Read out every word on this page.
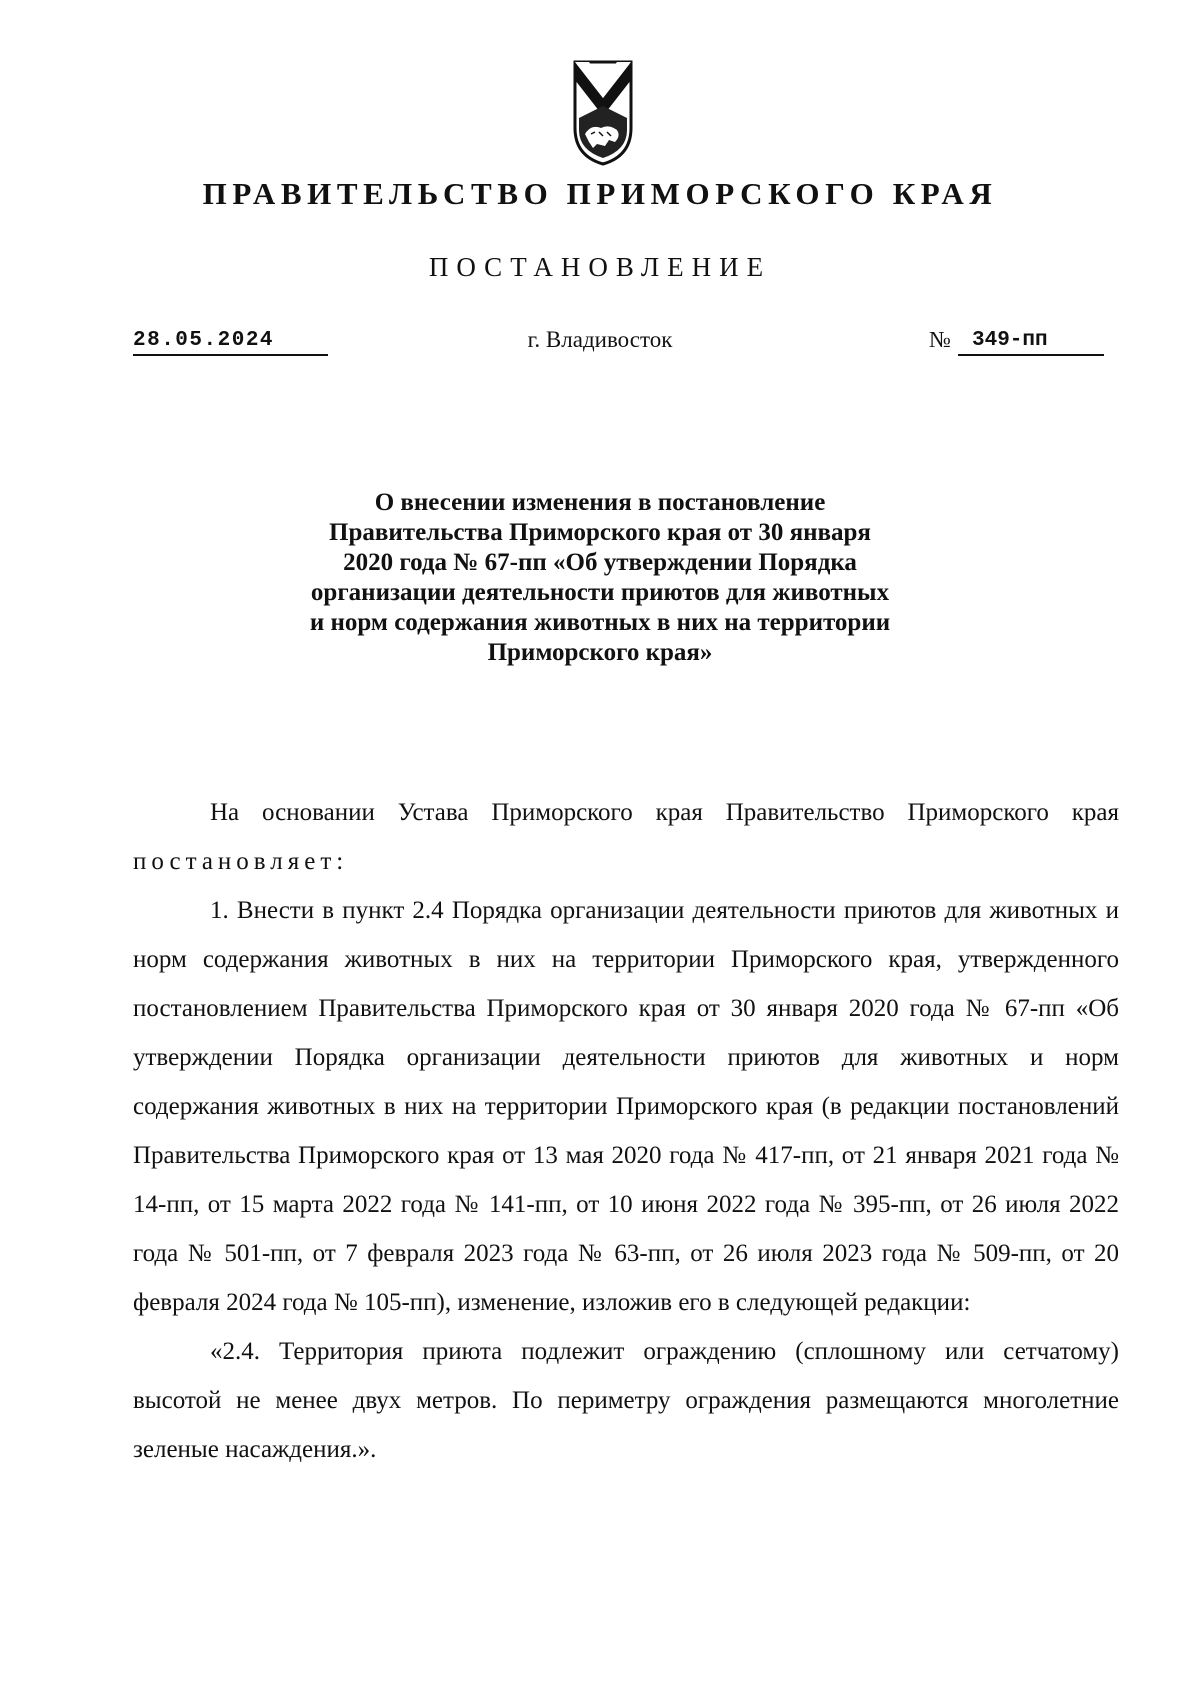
ПРАВИТЕЛЬСТВО ПРИМОРСКОГО КРАЯ
ПОСТАНОВЛЕНИЕ
28.05.2024	г. Владивосток	№	349-пп
О внесении изменения в постановление
Правительства Приморского края от 30 января
2020 года № 67-пп «Об утверждении Порядка
организации деятельности приютов для животных
и норм содержания животных в них на территории
Приморского края»

На основании Устава Приморского края Правительство Приморского края постановляет:

1. Внести в пункт 2.4 Порядка организации деятельности приютов для животных и норм содержания животных в них на территории Приморского края, утвержденного постановлением Правительства Приморского края от 30 января 2020 года № 67-пп «Об утверждении Порядка организации деятельности приютов для животных и норм содержания животных в них на территории Приморского края (в редакции постановлений Правительства Приморского края от 13 мая 2020 года № 417-пп, от 21 января 2021 года № 14-пп, от 15 марта 2022 года № 141-пп, от 10 июня 2022 года № 395-пп, от 26 июля 2022 года № 501-пп, от 7 февраля 2023 года № 63-пп, от 26 июля 2023 года № 509-пп, от 20 февраля 2024 года № 105-пп), изменение, изложив его в следующей редакции:

«2.4. Территория приюта подлежит ограждению (сплошному или сетчатому) высотой не менее двух метров. По периметру ограждения размещаются многолетние зеленые насаждения.».
